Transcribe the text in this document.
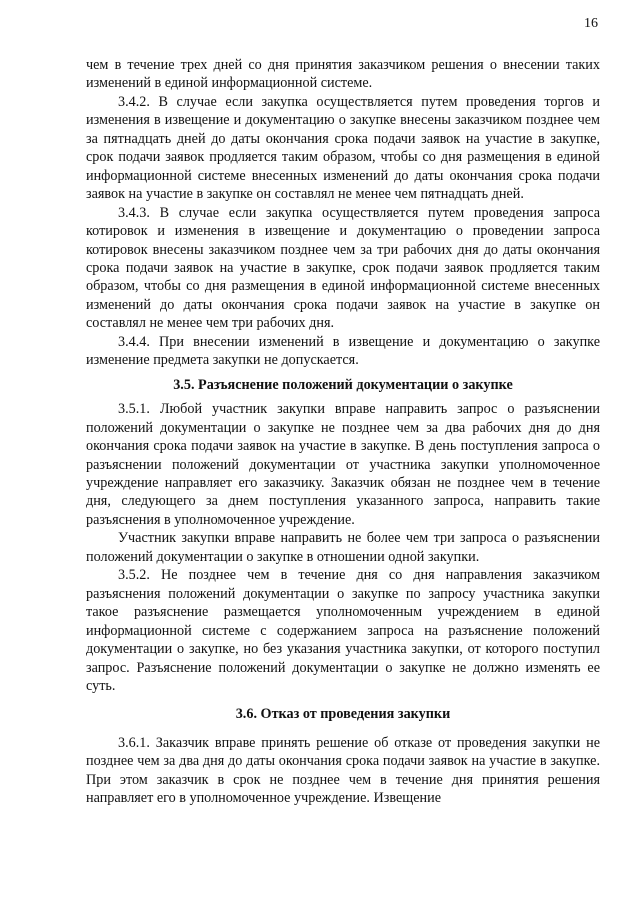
16

чем в течение трех дней со дня принятия заказчиком решения о внесении таких изменений в единой информационной системе.

3.4.2. В случае если закупка осуществляется путем проведения торгов и изменения в извещение и документацию о закупке внесены заказчиком позднее чем за пятнадцать дней до даты окончания срока подачи заявок на участие в закупке, срок подачи заявок продляется таким образом, чтобы со дня размещения в единой информационной системе внесенных изменений до даты окончания срока подачи заявок на участие в закупке он составлял не менее чем пятнадцать дней.

3.4.3. В случае если закупка осуществляется путем проведения запроса котировок и изменения в извещение и документацию о проведении запроса котировок внесены заказчиком позднее чем за три рабочих дня до даты окончания срока подачи заявок на участие в закупке, срок подачи заявок продляется таким образом, чтобы со дня размещения в единой информационной системе внесенных изменений до даты окончания срока подачи заявок на участие в закупке он составлял не менее чем три рабочих дня.

3.4.4. При внесении изменений в извещение и документацию о закупке изменение предмета закупки не допускается.

3.5. Разъяснение положений документации о закупке

3.5.1. Любой участник закупки вправе направить запрос о разъяснении положений документации о закупке не позднее чем за два рабочих дня до дня окончания срока подачи заявок на участие в закупке. В день поступления запроса о разъяснении положений документации от участника закупки уполномоченное учреждение направляет его заказчику. Заказчик обязан не позднее чем в течение дня, следующего за днем поступления указанного запроса, направить такие разъяснения в уполномоченное учреждение.

Участник закупки вправе направить не более чем три запроса о разъяснении положений документации о закупке в отношении одной закупки.

3.5.2. Не позднее чем в течение дня со дня направления заказчиком разъяснения положений документации о закупке по запросу участника закупки такое разъяснение размещается уполномоченным учреждением в единой информационной системе с содержанием запроса на разъяснение положений документации о закупке, но без указания участника закупки, от которого поступил запрос. Разъяснение положений документации о закупке не должно изменять ее суть.

3.6. Отказ от проведения закупки

3.6.1. Заказчик вправе принять решение об отказе от проведения закупки не позднее чем за два дня до даты окончания срока подачи заявок на участие в закупке. При этом заказчик в срок не позднее чем в течение дня принятия решения направляет его в уполномоченное учреждение. Извещение
